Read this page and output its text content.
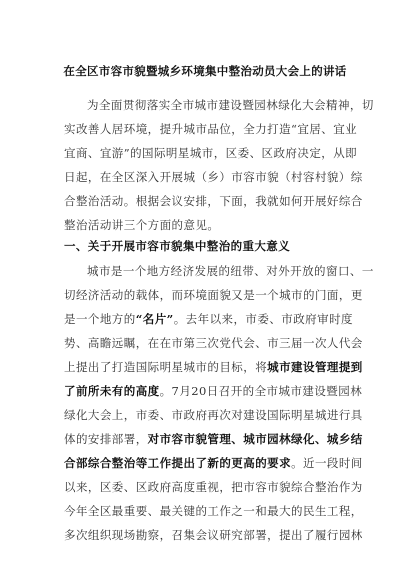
在全区市容市貌暨城乡环境集中整治动员大会上的讲话
为全面贯彻落实全市城市建设暨园林绿化大会精神，切
实改善人居环境，提升城市品位，全力打造“宜居、宜业
宜商、宜游”的国际明星城市，区委、区政府决定，从即
日起，在全区深入开展城（乡）市容市貌（村容村貌）综
合整治活动。根据会议安排，下面，我就如何开展好综合
整治活动讲三个方面的意见。
一、关于开展市容市貌集中整治的重大意义
城市是一个地方经济发展的纽带、对外开放的窗口、一
切经济活动的载体，而环境面貌又是一个城市的门面，更
是一个地方的“名片”。去年以来，市委、市政府审时度
势、高瞻远瞩，在在市第三次党代会、市三届一次人代会
上提出了打造国际明星城市的目标，将城市建设管理提到
了前所未有的高度。7月20日召开的全市城市建设暨园林
绿化大会上，市委、市政府再次对建设国际明星城进行具
体的安排部署，对市容市貌管理、城市园林绿化、城乡结
合部综合整治等工作提出了新的更高的要求。近一段时间
以来，区委、区政府高度重视，把市容市貌综合整治作为
今年全区最重要、最关键的工作之一和最大的民生工程，
多次组织现场勘察，召集会议研究部署，提出了履行园林
